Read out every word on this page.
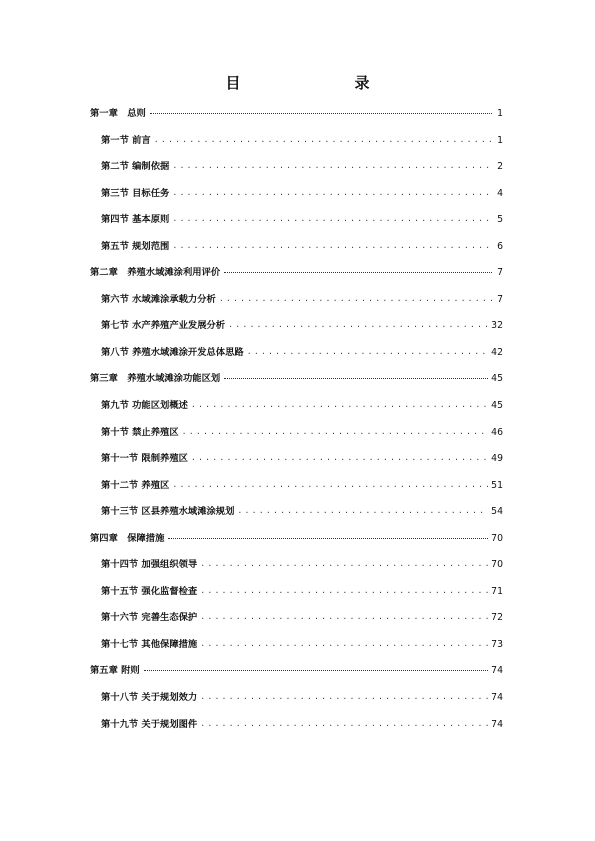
目　　录
第一章　总则	1
第一节 前言 . . .	1
第二节 编制依据 . . .	2
第三节 目标任务 . . .	4
第四节 基本原则 . . .	5
第五节 规划范围 . . .	6
第二章　养殖水域滩涂利用评价	7
第六节 水域滩涂承载力分析 . . .	7
第七节 水产养殖产业发展分析 . . .	32
第八节 养殖水域滩涂开发总体思路 . . .	42
第三章　养殖水域滩涂功能区划	45
第九节 功能区划概述 . . .	45
第十节 禁止养殖区 . . .	46
第十一节 限制养殖区 . . .	49
第十二节 养殖区 . . .	51
第十三节 区县养殖水域滩涂规划 . . .	54
第四章　保障措施	70
第十四节 加强组织领导 . . .	70
第十五节 强化监督检查 . . .	71
第十六节 完善生态保护 . . .	72
第十七节 其他保障措施 . . .	73
第五章 附则	74
第十八节 关于规划效力 . . .	74
第十九节 关于规划图件 . . .	74
